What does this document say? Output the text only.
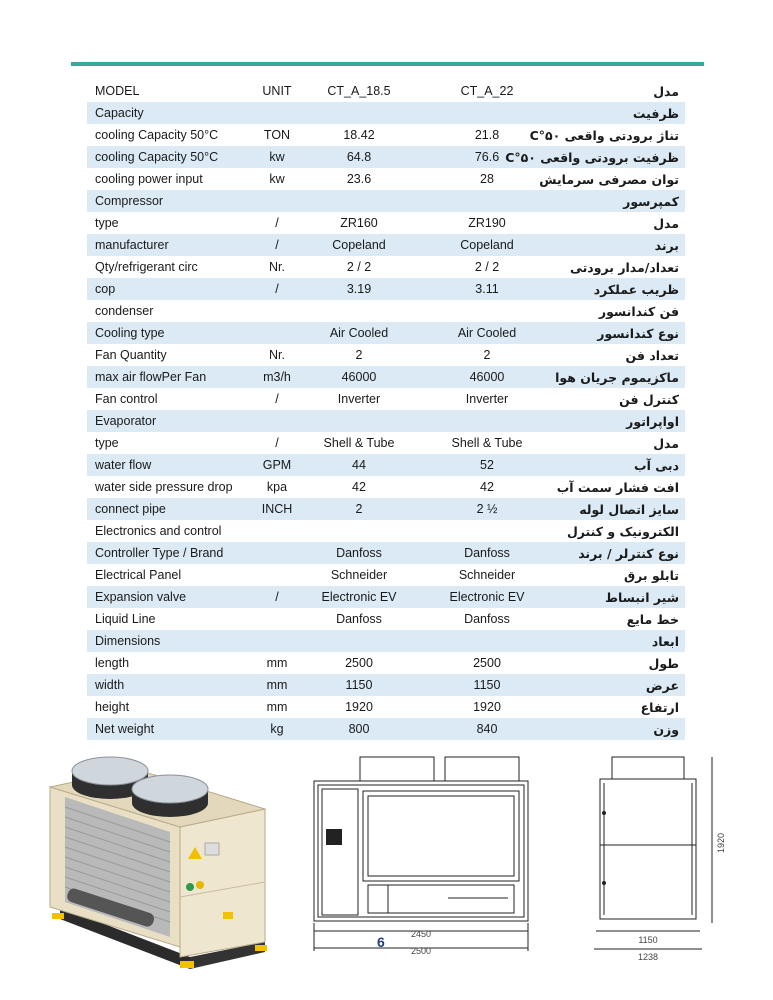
MODEL	UNIT	CT_A_18.5	CT_A_22	مدل
Capacity				ظرفیت
cooling Capacity 50°C	TON	18.42	21.8	تناژ برودتی واقعی ۵۰°C
cooling Capacity 50°C	kw	64.8	76.6	ظرفیت برودتی واقعی ۵۰°C
cooling power input	kw	23.6	28	توان مصرفی سرمایش
Compressor				کمپرسور
type	/	ZR160	ZR190	مدل
manufacturer	/	Copeland	Copeland	برند
Qty/refrigerant circ	Nr.	2 / 2	2 / 2	تعداد/مدار برودتی
cop	/	3.19	3.11	ظریب عملکرد
condenser				فن کندانسور
Cooling type		Air Cooled	Air Cooled	نوع کندانسور
Fan Quantity	Nr.	2	2	تعداد فن
max air flowPer Fan	m3/h	46000	46000	ماکزیموم جریان هوا
Fan control	/	Inverter	Inverter	کنترل فن
Evaporator				اواپراتور
type	/	Shell & Tube	Shell & Tube	مدل
water flow	GPM	44	52	دبی آب
water side pressure drop	kpa	42	42	افت فشار سمت آب
connect pipe	INCH	2	2 ½	سایز اتصال لوله
Electronics and control				الکترونیک و کنترل
Controller Type / Brand		Danfoss	Danfoss	نوع کنترلر / برند
Electrical Panel		Schneider	Schneider	تابلو برق
Expansion valve	/	Electronic EV	Electronic EV	شیر انبساط
Liquid Line		Danfoss	Danfoss	خط مایع
Dimensions				ابعاد
length	mm	2500	2500	طول
width	mm	1150	1150	عرض
height	mm	1920	1920	ارتفاع
Net weight	kg	800	840	وزن
2450
2500
1150
1238
1920
6
